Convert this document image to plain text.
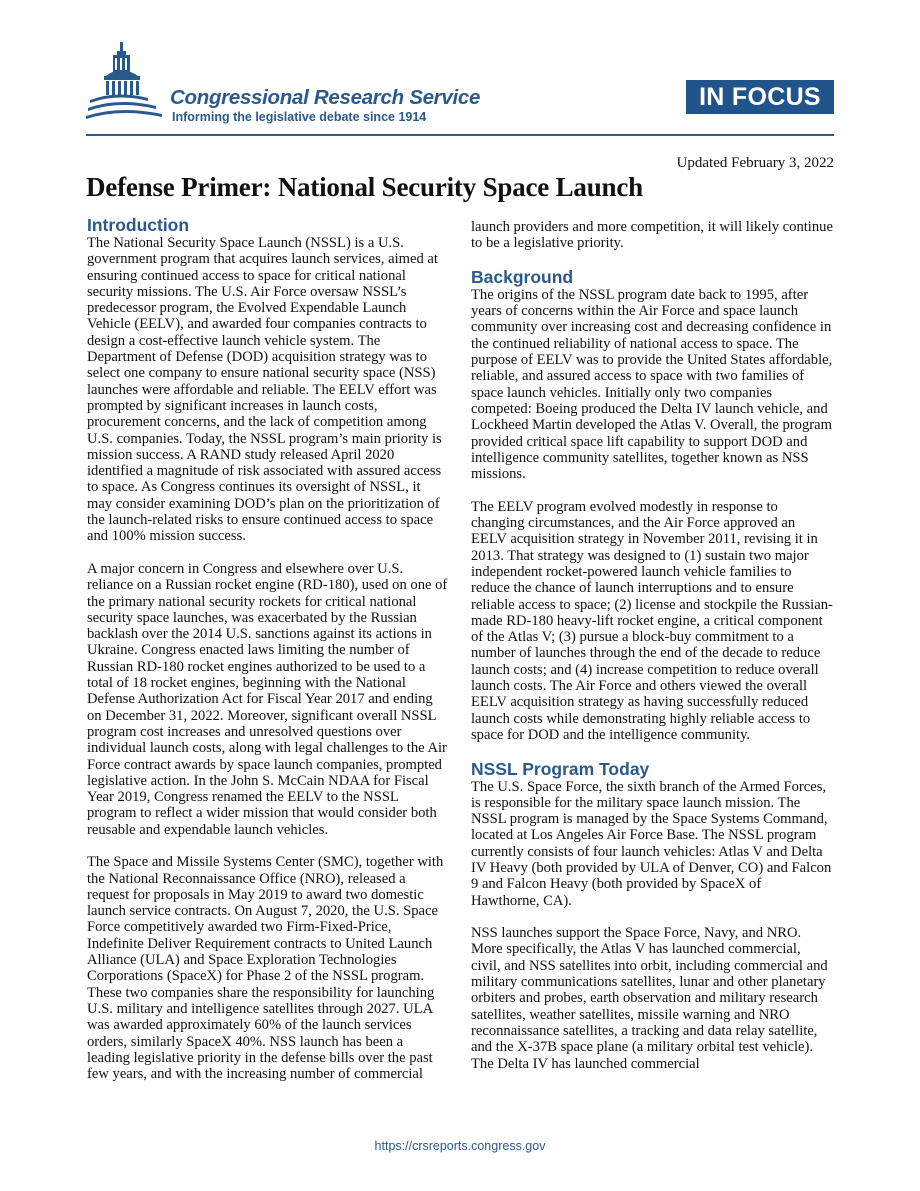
Congressional Research Service
Informing the legislative debate since 1914
IN FOCUS
Updated February 3, 2022
Defense Primer: National Security Space Launch
Introduction

The National Security Space Launch (NSSL) is a U.S. government program that acquires launch services, aimed at ensuring continued access to space for critical national security missions. The U.S. Air Force oversaw NSSL’s predecessor program, the Evolved Expendable Launch Vehicle (EELV), and awarded four companies contracts to design a cost-effective launch vehicle system. The Department of Defense (DOD) acquisition strategy was to select one company to ensure national security space (NSS) launches were affordable and reliable. The EELV effort was prompted by significant increases in launch costs, procurement concerns, and the lack of competition among U.S. companies. Today, the NSSL program’s main priority is mission success. A RAND study released April 2020 identified a magnitude of risk associated with assured access to space. As Congress continues its oversight of NSSL, it may consider examining DOD’s plan on the prioritization of the launch-related risks to ensure continued access to space and 100% mission success.

A major concern in Congress and elsewhere over U.S. reliance on a Russian rocket engine (RD-180), used on one of the primary national security rockets for critical national security space launches, was exacerbated by the Russian backlash over the 2014 U.S. sanctions against its actions in Ukraine. Congress enacted laws limiting the number of Russian RD-180 rocket engines authorized to be used to a total of 18 rocket engines, beginning with the National Defense Authorization Act for Fiscal Year 2017 and ending on December 31, 2022. Moreover, significant overall NSSL program cost increases and unresolved questions over individual launch costs, along with legal challenges to the Air Force contract awards by space launch companies, prompted legislative action. In the John S. McCain NDAA for Fiscal Year 2019, Congress renamed the EELV to the NSSL program to reflect a wider mission that would consider both reusable and expendable launch vehicles.

The Space and Missile Systems Center (SMC), together with the National Reconnaissance Office (NRO), released a request for proposals in May 2019 to award two domestic launch service contracts. On August 7, 2020, the U.S. Space Force competitively awarded two Firm-Fixed-Price, Indefinite Deliver Requirement contracts to United Launch Alliance (ULA) and Space Exploration Technologies Corporations (SpaceX) for Phase 2 of the NSSL program. These two companies share the responsibility for launching U.S. military and intelligence satellites through 2027. ULA was awarded approximately 60% of the launch services orders, similarly SpaceX 40%. NSS launch has been a leading legislative priority in the defense bills over the past few years, and with the increasing number of commercial

launch providers and more competition, it will likely continue to be a legislative priority.

Background

The origins of the NSSL program date back to 1995, after years of concerns within the Air Force and space launch community over increasing cost and decreasing confidence in the continued reliability of national access to space. The purpose of EELV was to provide the United States affordable, reliable, and assured access to space with two families of space launch vehicles. Initially only two companies competed: Boeing produced the Delta IV launch vehicle, and Lockheed Martin developed the Atlas V. Overall, the program provided critical space lift capability to support DOD and intelligence community satellites, together known as NSS missions.

The EELV program evolved modestly in response to changing circumstances, and the Air Force approved an EELV acquisition strategy in November 2011, revising it in 2013. That strategy was designed to (1) sustain two major independent rocket-powered launch vehicle families to reduce the chance of launch interruptions and to ensure reliable access to space; (2) license and stockpile the Russian-made RD-180 heavy-lift rocket engine, a critical component of the Atlas V; (3) pursue a block-buy commitment to a number of launches through the end of the decade to reduce launch costs; and (4) increase competition to reduce overall launch costs. The Air Force and others viewed the overall EELV acquisition strategy as having successfully reduced launch costs while demonstrating highly reliable access to space for DOD and the intelligence community.

NSSL Program Today

The U.S. Space Force, the sixth branch of the Armed Forces, is responsible for the military space launch mission. The NSSL program is managed by the Space Systems Command, located at Los Angeles Air Force Base. The NSSL program currently consists of four launch vehicles: Atlas V and Delta IV Heavy (both provided by ULA of Denver, CO) and Falcon 9 and Falcon Heavy (both provided by SpaceX of Hawthorne, CA).

NSS launches support the Space Force, Navy, and NRO. More specifically, the Atlas V has launched commercial, civil, and NSS satellites into orbit, including commercial and military communications satellites, lunar and other planetary orbiters and probes, earth observation and military research satellites, weather satellites, missile warning and NRO reconnaissance satellites, a tracking and data relay satellite, and the X-37B space plane (a military orbital test vehicle). The Delta IV has launched commercial

https://crsreports.congress.gov
